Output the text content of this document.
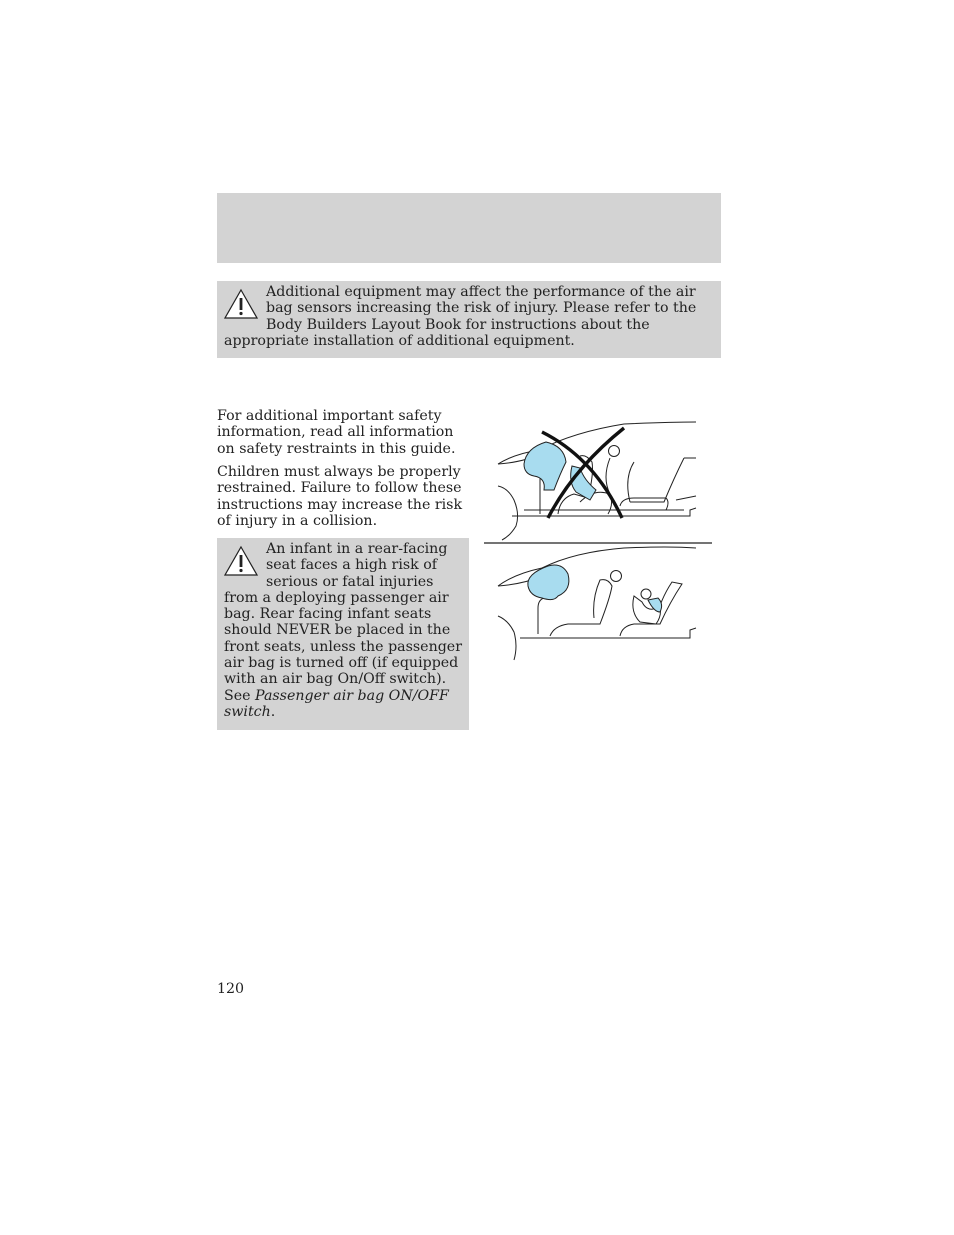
Additional equipment may affect the performance of the air bag sensors increasing the risk of injury. Please refer to the Body Builders Layout Book for instructions about the appropriate installation of additional equipment.

For additional important safety information, read all information on safety restraints in this guide.

Children must always be properly restrained. Failure to follow these instructions may increase the risk of injury in a collision.

An infant in a rear-facing seat faces a high risk of serious or fatal injuries from a deploying passenger air bag. Rear facing infant seats should NEVER be placed in the front seats, unless the passenger air bag is turned off (if equipped with an air bag On/Off switch). See Passenger air bag ON/OFF switch.
120
